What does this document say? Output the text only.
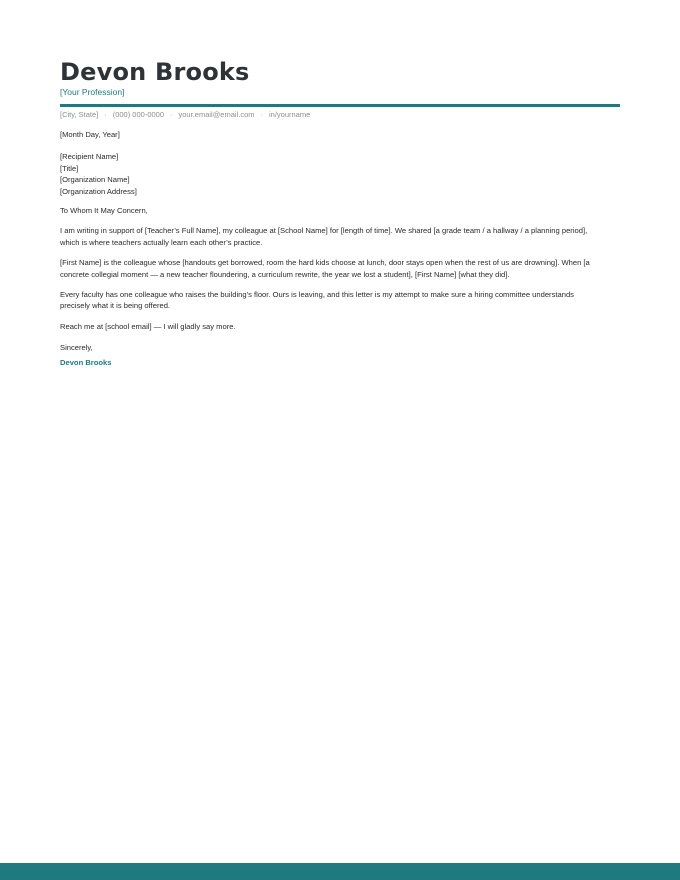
Devon Brooks
[Your Profession]
[City, State] · (000) 000-0000 · your.email@email.com · in/yourname

[Month Day, Year]

[Recipient Name]

[Title]

[Organization Name]

[Organization Address]

To Whom It May Concern,

I am writing in support of [Teacher’s Full Name], my colleague at [School Name] for [length of time]. We shared [a grade team / a hallway / a planning period], which is where teachers actually learn each other’s practice.

[First Name] is the colleague whose [handouts get borrowed, room the hard kids choose at lunch, door stays open when the rest of us are drowning]. When [a concrete collegial moment — a new teacher floundering, a curriculum rewrite, the year we lost a student], [First Name] [what they did].

Every faculty has one colleague who raises the building’s floor. Ours is leaving, and this letter is my attempt to make sure a hiring committee understands precisely what it is being offered.

Reach me at [school email] — I will gladly say more.

Sincerely,

Devon Brooks
